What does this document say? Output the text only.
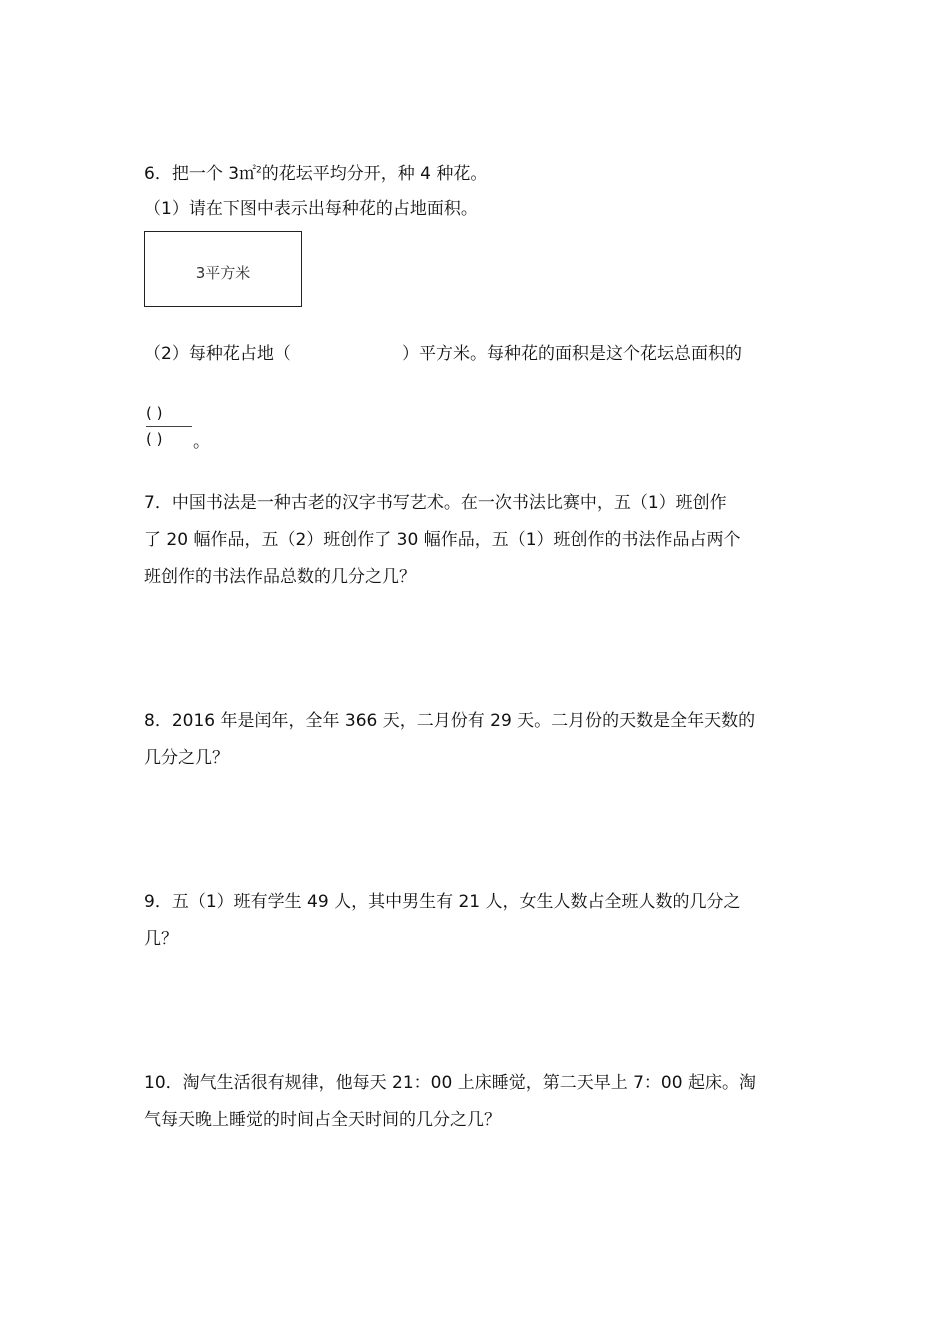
6．把一个 3㎡$^2$的花坛平均分开，种 4 种花。
（1）请在下图中表示出每种花的占地面积。
3平方米
（2）每种花占地（	）平方米。每种花的面积是这个花坛总面积的
( )
( ) 。
7．中国书法是一种古老的汉字书写艺术。在一次书法比赛中，五（1）班创作
了 20 幅作品，五（2）班创作了 30 幅作品，五（1）班创作的书法作品占两个
班创作的书法作品总数的几分之几？
8．2016 年是闰年，全年 366 天，二月份有 29 天。二月份的天数是全年天数的
几分之几？
9．五（1）班有学生 49 人，其中男生有 21 人，女生人数占全班人数的几分之
几？
10．淘气生活很有规律，他每天 21：00 上床睡觉，第二天早上 7：00 起床。淘
气每天晚上睡觉的时间占全天时间的几分之几？
